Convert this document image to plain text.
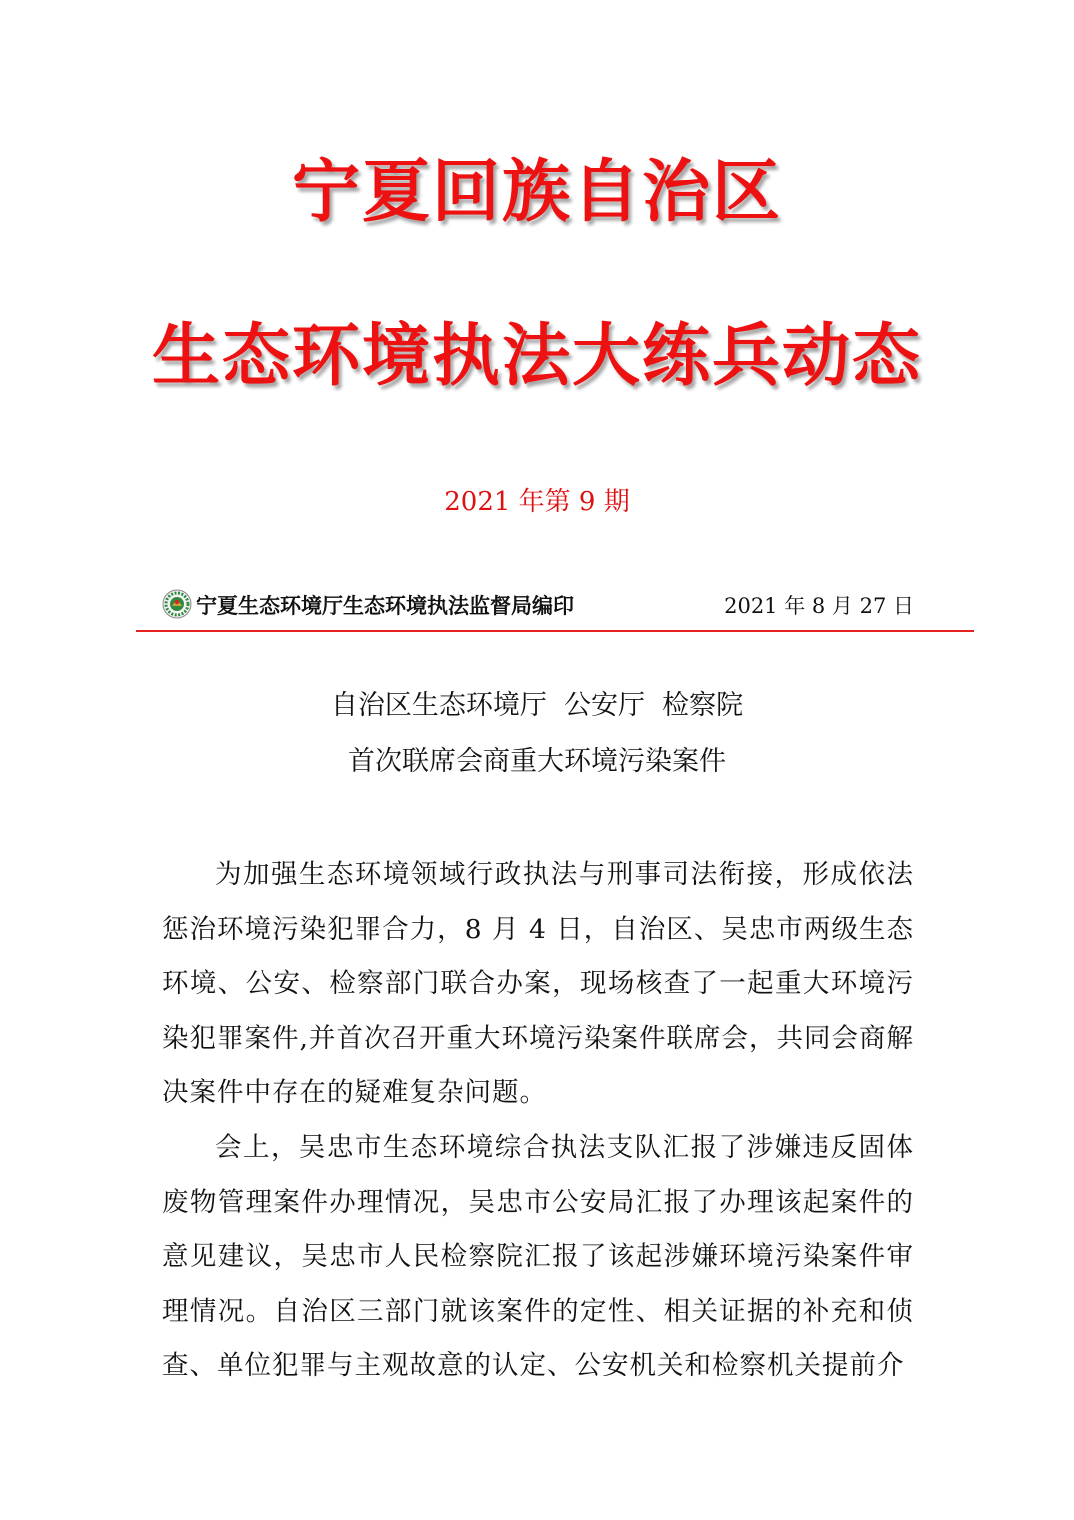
宁夏回族自治区
生态环境执法大练兵动态
2021 年第 9 期
宁夏生态环境厅生态环境执法监督局编印	2021 年 8 月 27 日
自治区生态环境厅  公安厅  检察院
首次联席会商重大环境污染案件

为加强生态环境领域行政执法与刑事司法衔接，形成依法惩治环境污染犯罪合力，8 月 4 日，自治区、吴忠市两级生态环境、公安、检察部门联合办案，现场核查了一起重大环境污染犯罪案件,并首次召开重大环境污染案件联席会，共同会商解决案件中存在的疑难复杂问题。

会上，吴忠市生态环境综合执法支队汇报了涉嫌违反固体废物管理案件办理情况，吴忠市公安局汇报了办理该起案件的意见建议，吴忠市人民检察院汇报了该起涉嫌环境污染案件审理情况。自治区三部门就该案件的定性、相关证据的补充和侦查、单位犯罪与主观故意的认定、公安机关和检察机关提前介
